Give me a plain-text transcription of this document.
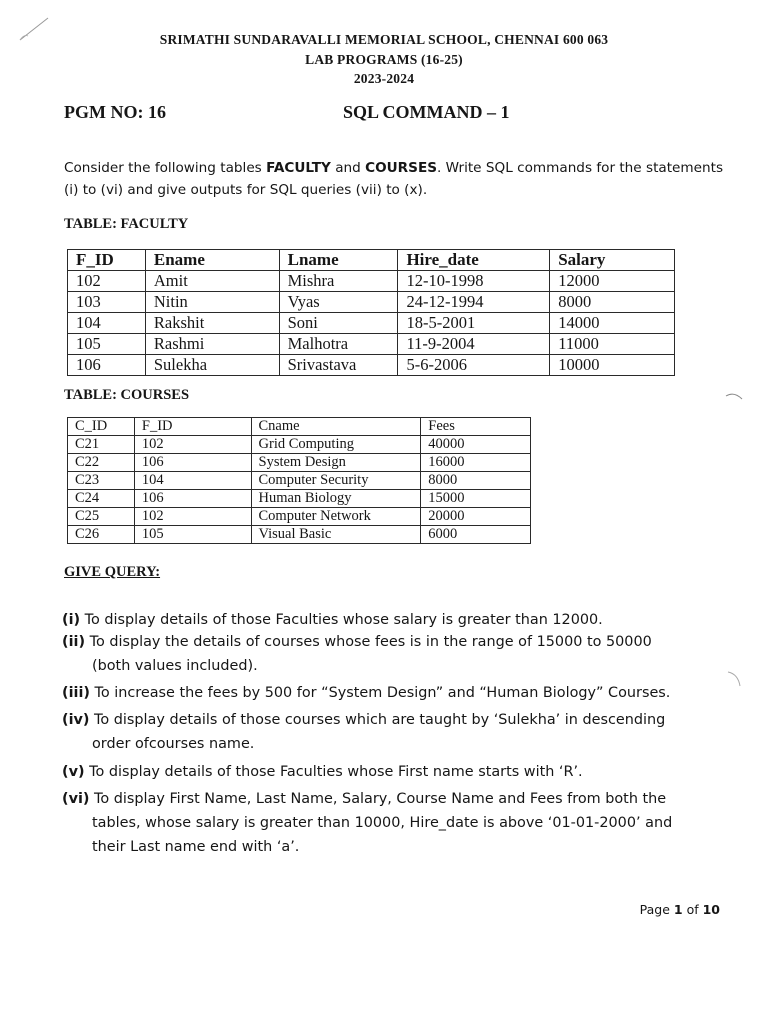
SRIMATHI SUNDARAVALLI MEMORIAL SCHOOL, CHENNAI 600 063
LAB PROGRAMS (16-25)
2023-2024
PGM NO: 16	SQL COMMAND – 1
Consider the following tables FACULTY and COURSES. Write SQL commands for the statements (i) to (vi) and give outputs for SQL queries (vii) to (x).
TABLE: FACULTY
F_ID	Ename	Lname	Hire_date	Salary
102	Amit	Mishra	12-10-1998	12000
103	Nitin	Vyas	24-12-1994	8000
104	Rakshit	Soni	18-5-2001	14000
105	Rashmi	Malhotra	11-9-2004	11000
106	Sulekha	Srivastava	5-6-2006	10000
TABLE: COURSES
C_ID	F_ID	Cname	Fees
C21	102	Grid Computing	40000
C22	106	System Design	16000
C23	104	Computer Security	8000
C24	106	Human Biology	15000
C25	102	Computer Network	20000
C26	105	Visual Basic	6000
GIVE QUERY:
(i) To display details of those Faculties whose salary is greater than 12000.
(ii) To display the details of courses whose fees is in the range of 15000 to 50000
(both values included).
(iii) To increase the fees by 500 for “System Design” and “Human Biology” Courses.
(iv) To display details of those courses which are taught by ‘Sulekha’ in descending
order ofcourses name.
(v) To display details of those Faculties whose First name starts with ‘R’.
(vi) To display First Name, Last Name, Salary, Course Name and Fees from both the
tables, whose salary is greater than 10000, Hire_date is above ‘01-01-2000’ and
their Last name end with ‘a’.
Page 1 of 10
